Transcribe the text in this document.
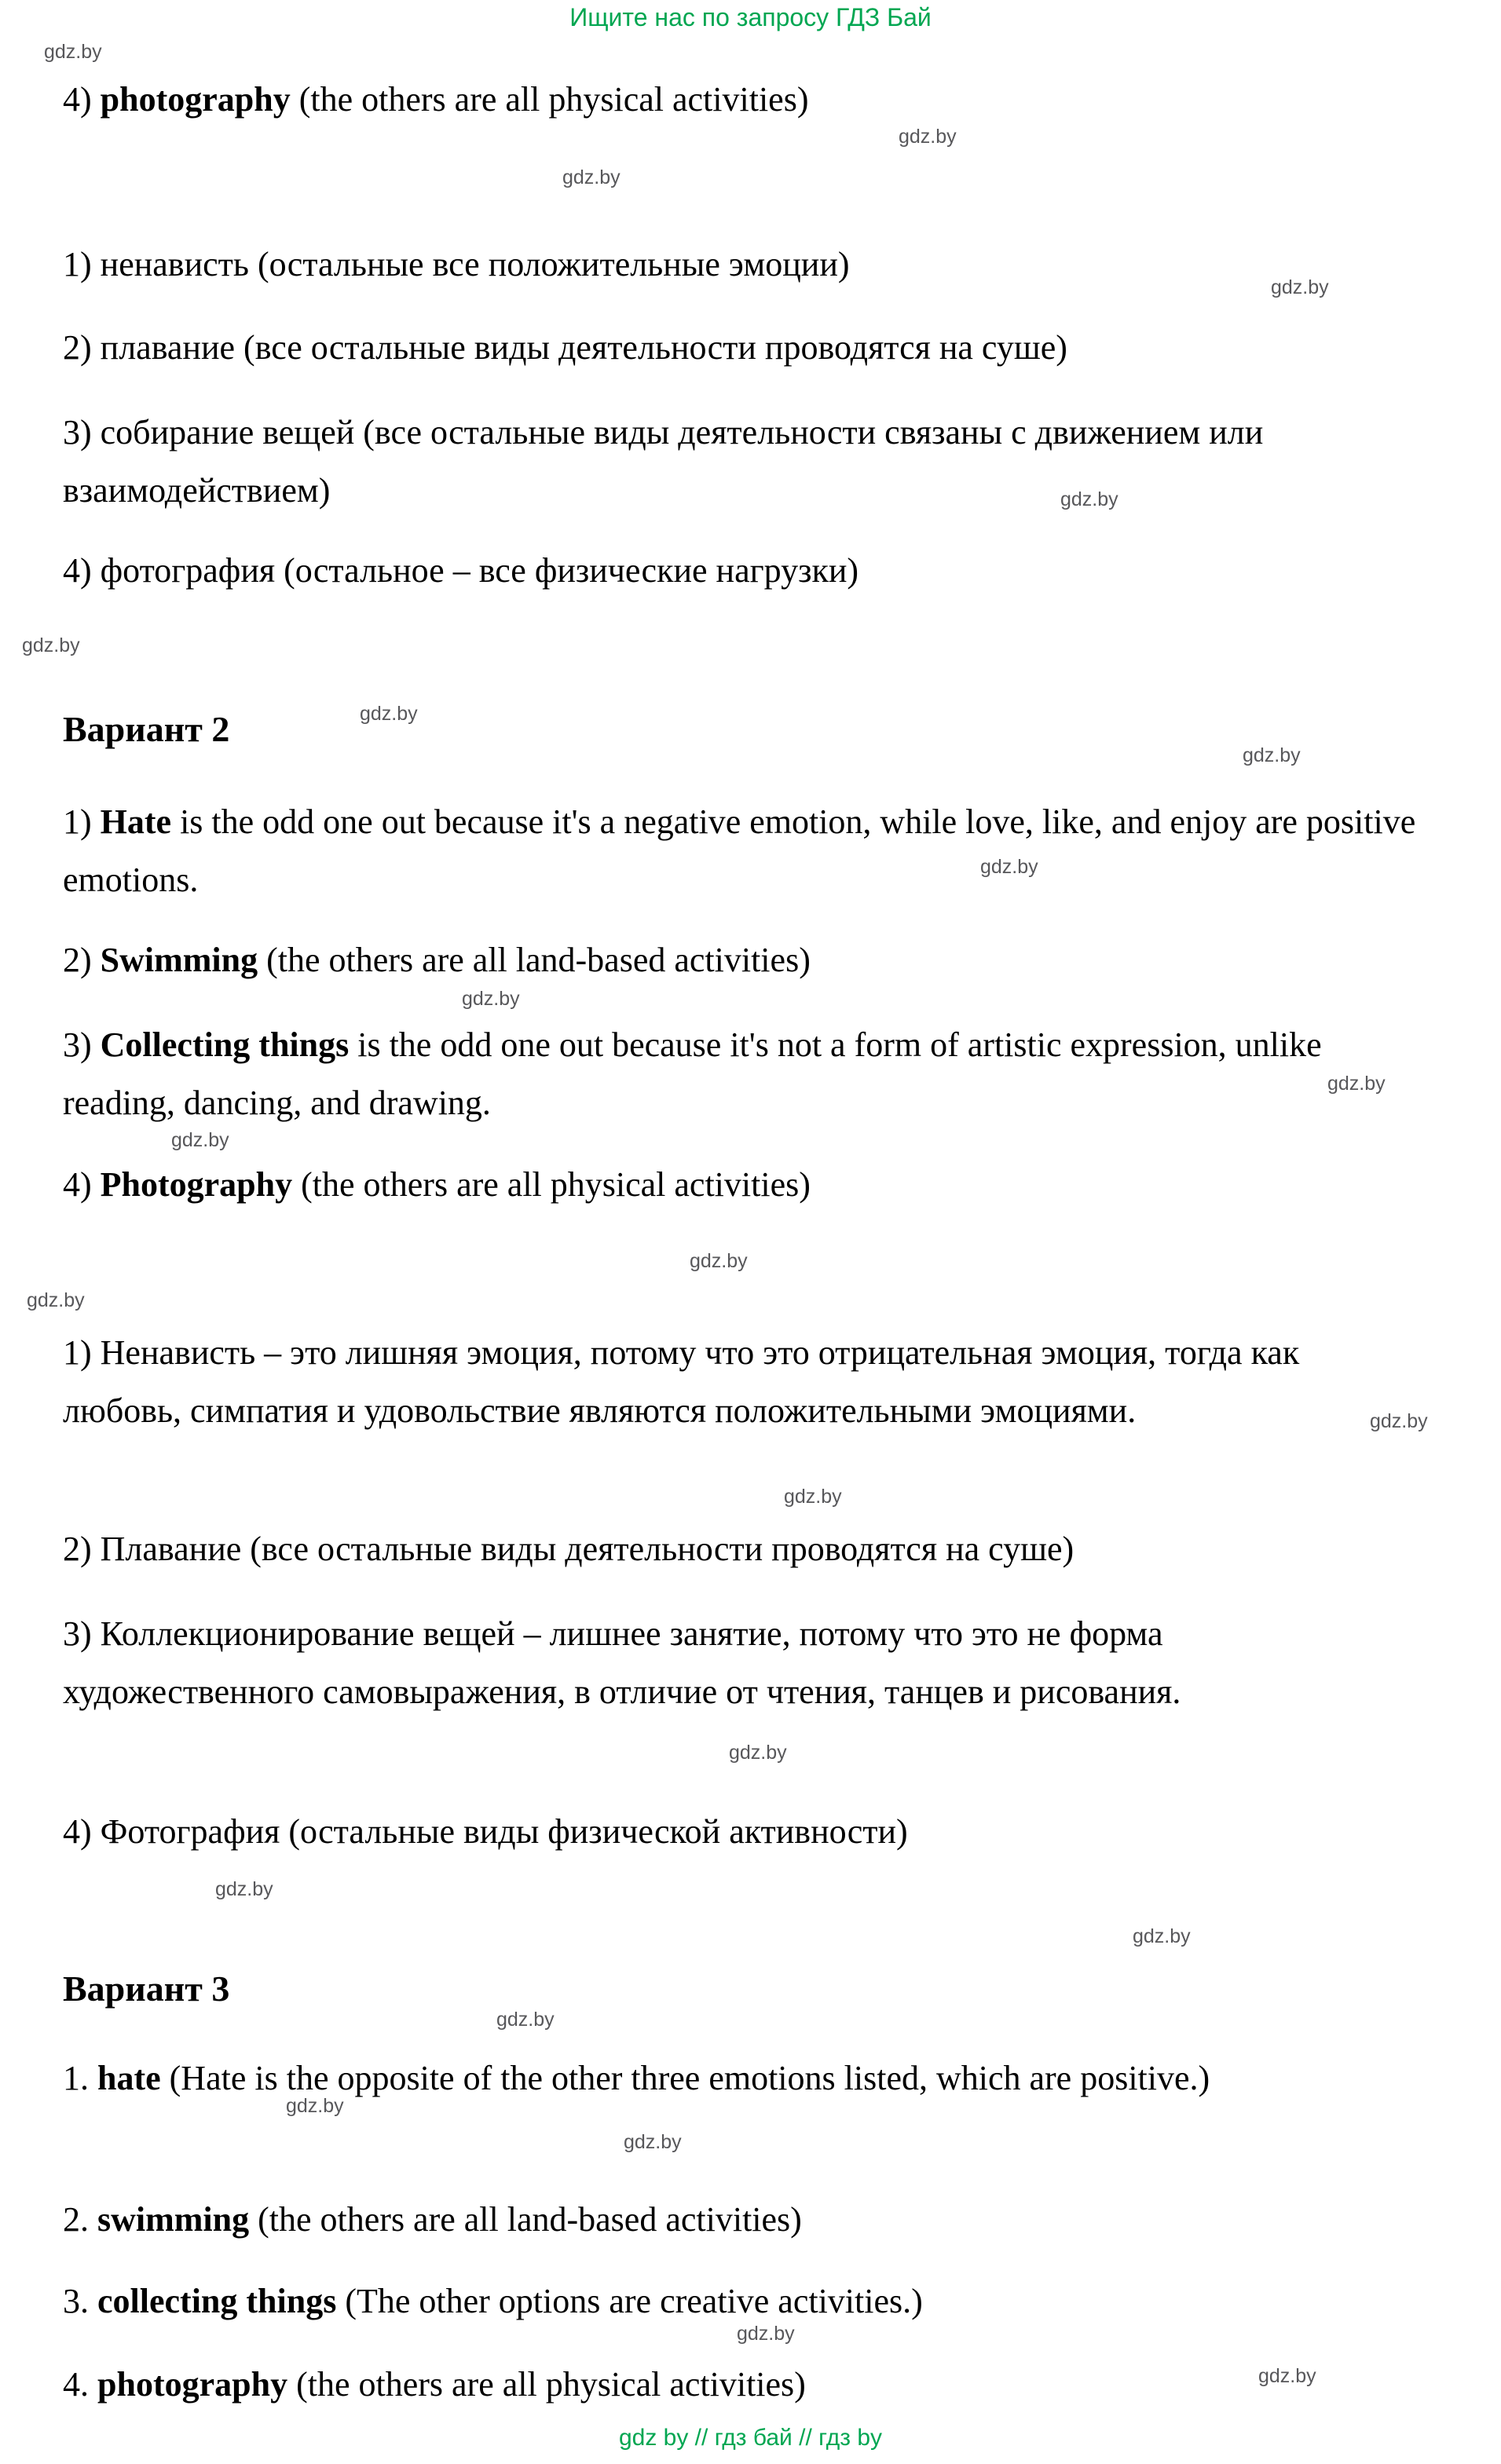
Ищите нас по запросу ГДЗ Бай
gdz.by
gdz.by
gdz.by
gdz.by
gdz.by
gdz.by
gdz.by
gdz.by
gdz.by
gdz.by
gdz.by
gdz.by
gdz.by
gdz.by
gdz.by
gdz.by
gdz.by
gdz.by
gdz.by
gdz.by
gdz.by
gdz.by
gdz.by
gdz.by

4) photography (the others are all physical activities)

1) ненависть (остальные все положительные эмоции)

2) плавание (все остальные виды деятельности проводятся на суше)

3) собирание вещей (все остальные виды деятельности связаны с движением или взаимодействием)

4) фотография (остальное – все физические нагрузки)

Вариант 2

1) Hate is the odd one out because it's a negative emotion, while love, like, and enjoy are positive emotions.

2) Swimming (the others are all land-based activities)

3) Collecting things is the odd one out because it's not a form of artistic expression, unlike reading, dancing, and drawing.

4) Photography (the others are all physical activities)

1) Ненависть – это лишняя эмоция, потому что это отрицательная эмоция, тогда как любовь, симпатия и удовольствие являются положительными эмоциями.

2) Плавание (все остальные виды деятельности проводятся на суше)

3) Коллекционирование вещей – лишнее занятие, потому что это не форма художественного самовыражения, в отличие от чтения, танцев и рисования.

4) Фотография (остальные виды физической активности)

Вариант 3

1. hate (Hate is the opposite of the other three emotions listed, which are positive.)

2. swimming (the others are all land-based activities)

3. collecting things (The other options are creative activities.)

4. photography (the others are all physical activities)

gdz by // гдз бай // гдз by
